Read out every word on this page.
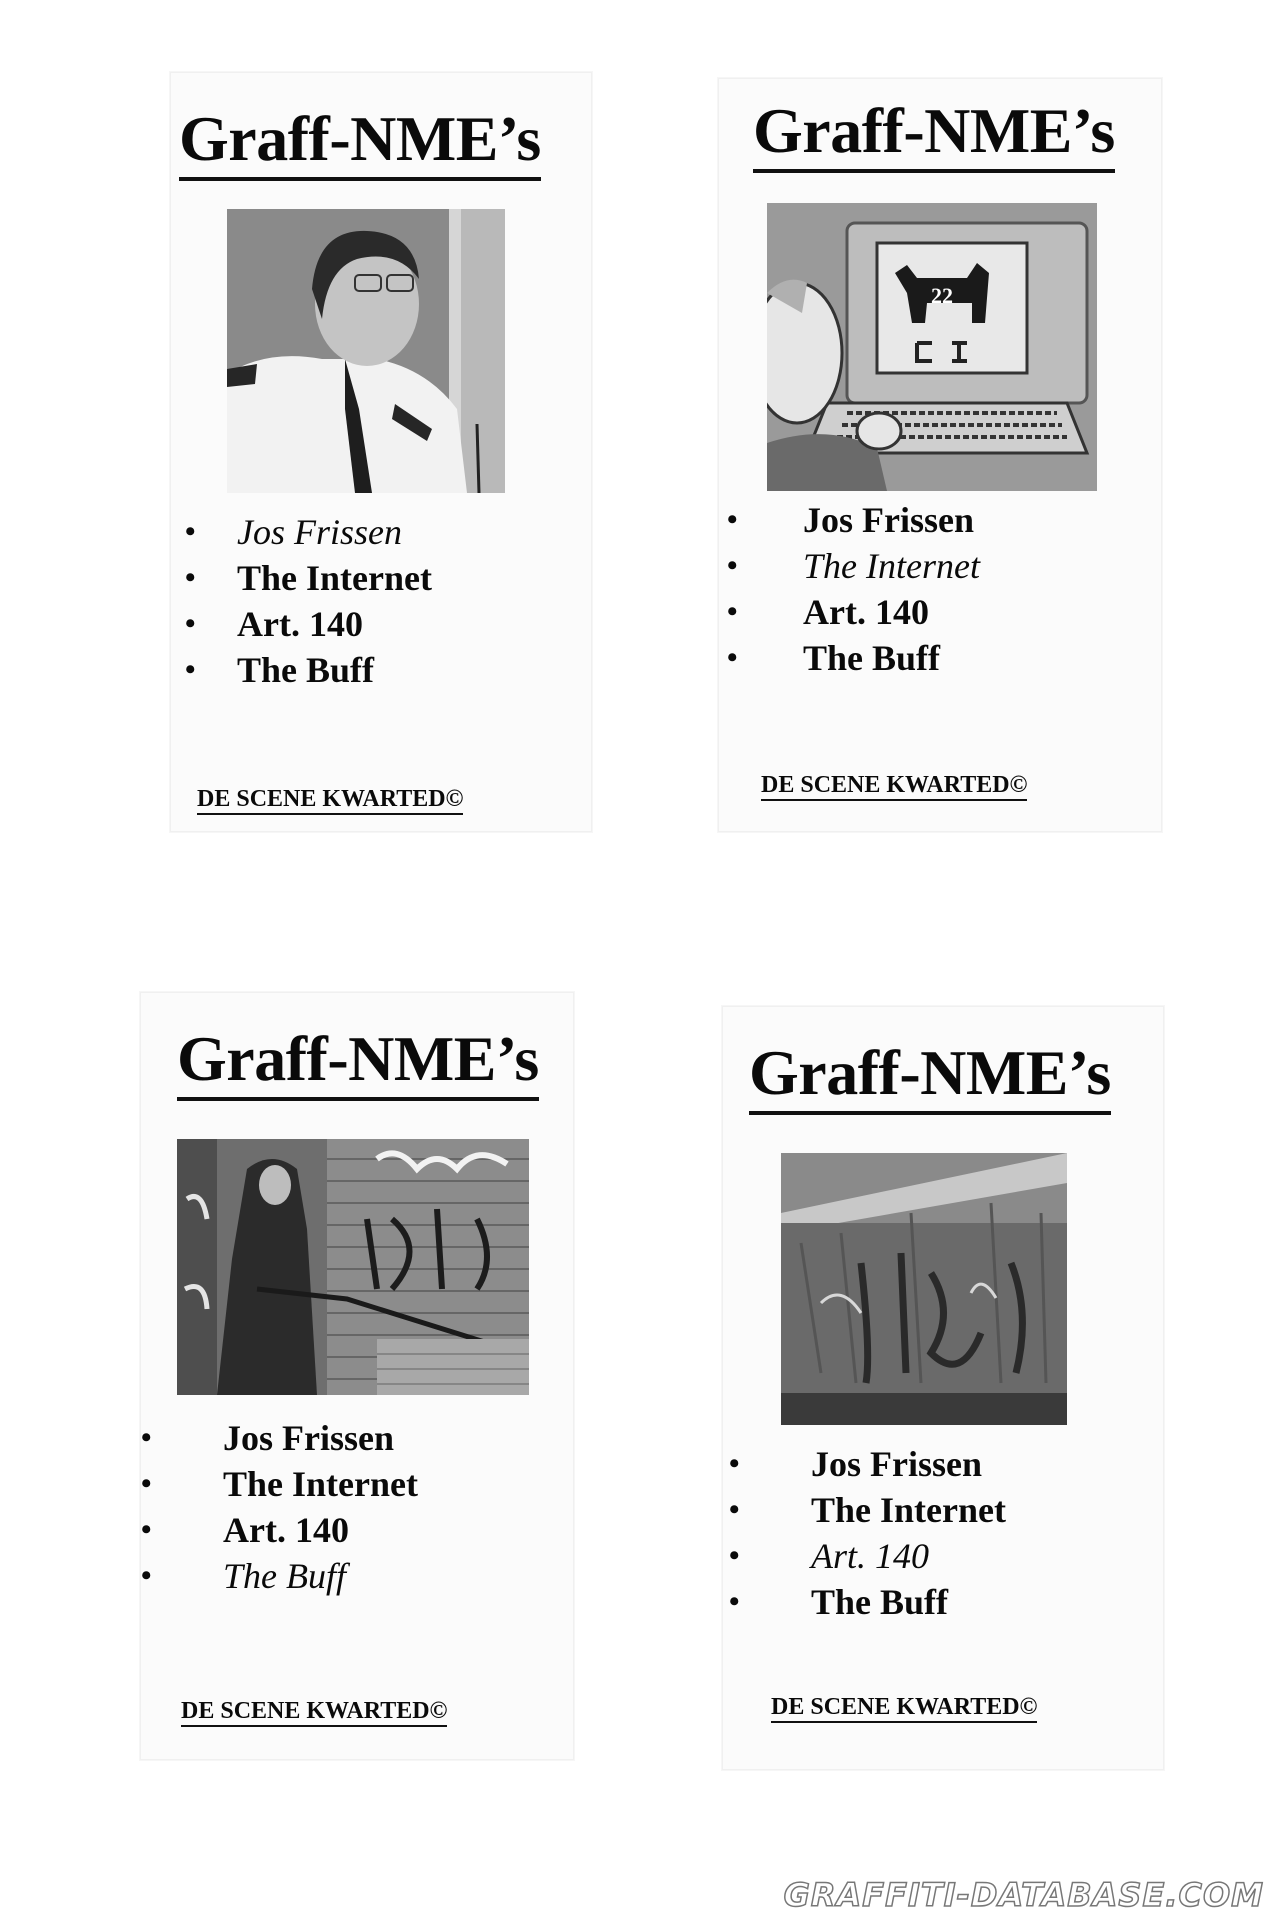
Graff-NME’s
• Jos Frissen
• The Internet
• Art. 140
• The Buff

DE SCENE KWARTED©

Graff-NME’s
22
• Jos Frissen
• The Internet
• Art. 140
• The Buff

DE SCENE KWARTED©

Graff-NME’s
• Jos Frissen
• The Internet
• Art. 140
• The Buff

DE SCENE KWARTED©

Graff-NME’s
• Jos Frissen
• The Internet
• Art. 140
• The Buff

DE SCENE KWARTED©

GRAFFITI-DATABASE.COM
